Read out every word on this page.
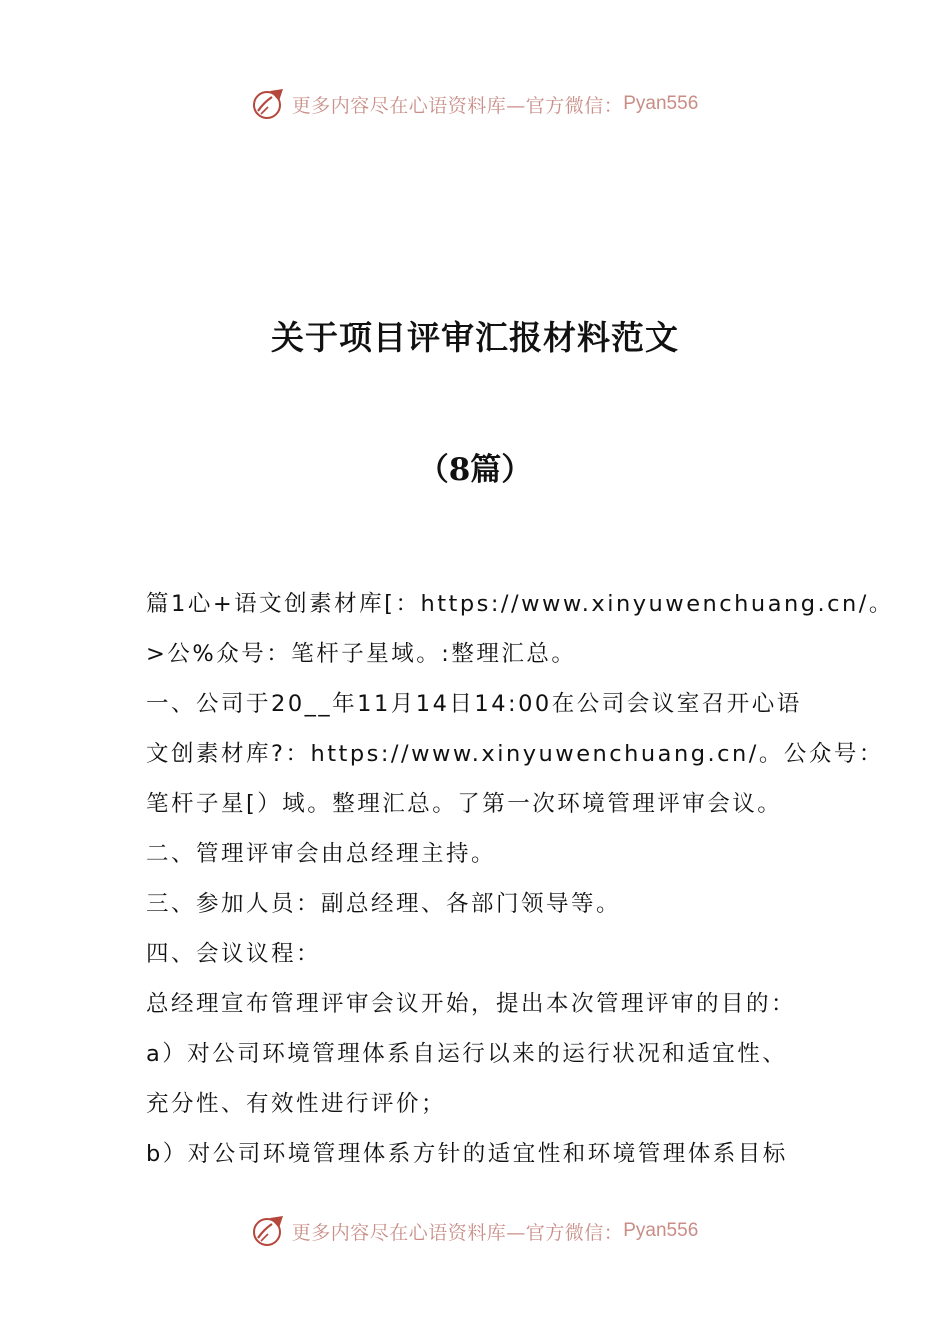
更多内容尽在心语资料库—官方微信： Pyan556
关于项目评审汇报材料范文
（8篇）
篇1心+语文创素材库[：https://www.xinyuwenchuang.cn/。
>公%众号：笔杆子星域。:整理汇总。
一、公司于20__年11月14日14:00在公司会议室召开心语
文创素材库?：https://www.xinyuwenchuang.cn/。公众号：
笔杆子星[）域。整理汇总。了第一次环境管理评审会议。
二、管理评审会由总经理主持。
三、参加人员：副总经理、各部门领导等。
四、会议议程：
总经理宣布管理评审会议开始，提出本次管理评审的目的：
a）对公司环境管理体系自运行以来的运行状况和适宜性、
充分性、有效性进行评价；
b）对公司环境管理体系方针的适宜性和环境管理体系目标
更多内容尽在心语资料库—官方微信： Pyan556
